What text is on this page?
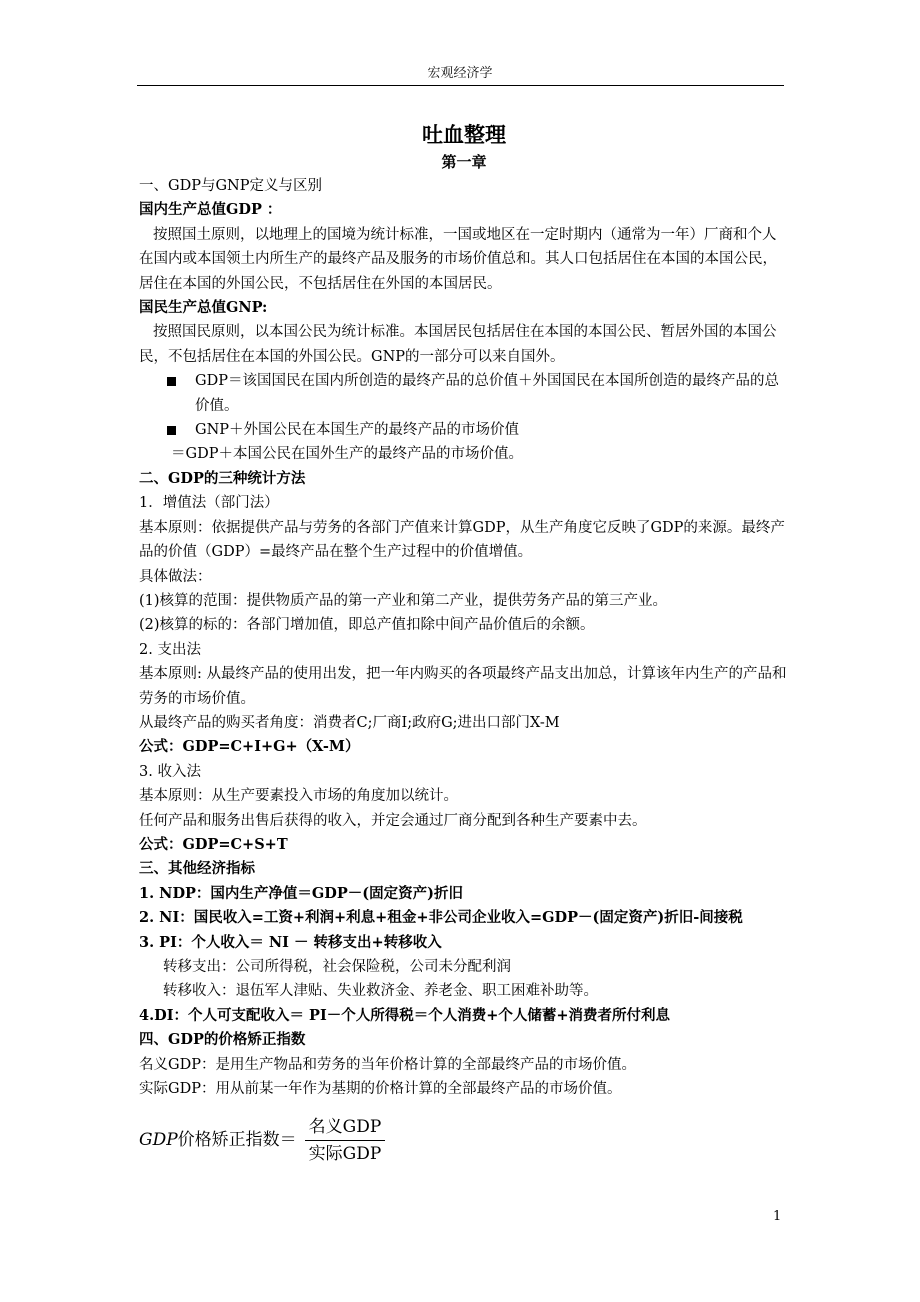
宏观经济学

吐血整理

第一章

一、GDP与GNP定义与区别

国内生产总值GDP ：

按照国土原则，以地理上的国境为统计标准，一国或地区在一定时期内（通常为一年）厂商和个人在国内或本国领土内所生产的最终产品及服务的市场价值总和。其人口包括居住在本国的本国公民，居住在本国的外国公民，不包括居住在外国的本国居民。

国民生产总值GNP:

按照国民原则，以本国公民为统计标准。本国居民包括居住在本国的本国公民、暂居外国的本国公民，不包括居住在本国的外国公民。GNP的一部分可以来自国外。

GDP＝该国国民在国内所创造的最终产品的总价值＋外国国民在本国所创造的最终产品的总价值。

GNP＋外国公民在本国生产的最终产品的市场价值

＝GDP＋本国公民在国外生产的最终产品的市场价值。

二、GDP的三种统计方法

1．增值法（部门法）

基本原则：依据提供产品与劳务的各部门产值来计算GDP，从生产角度它反映了GDP的来源。最终产品的价值（GDP）=最终产品在整个生产过程中的价值增值。

具体做法：

(1)核算的范围：提供物质产品的第一产业和第二产业，提供劳务产品的第三产业。

(2)核算的标的：各部门增加值，即总产值扣除中间产品价值后的余额。

2. 支出法

基本原则: 从最终产品的使用出发，把一年内购买的各项最终产品支出加总，计算该年内生产的产品和劳务的市场价值。

从最终产品的购买者角度：消费者C;厂商I;政府G;进出口部门X-M

公式：GDP=C+I+G+（X-M）

3. 收入法

基本原则：从生产要素投入市场的角度加以统计。

任何产品和服务出售后获得的收入，并定会通过厂商分配到各种生产要素中去。

公式：GDP=C+S+T

三、其他经济指标

1. NDP：国内生产净值＝GDP－(固定资产)折旧

2. NI：国民收入=工资+利润+利息+租金+非公司企业收入=GDP－(固定资产)折旧-间接税

3. PI：个人收入＝ NI － 转移支出+转移收入

转移支出：公司所得税，社会保险税，公司未分配利润

转移收入：退伍军人津贴、失业救济金、养老金、职工困难补助等。

4.DI：个人可支配收入＝ PI－个人所得税＝个人消费+个人储蓄+消费者所付利息

四、GDP的价格矫正指数

名义GDP：是用生产物品和劳务的当年价格计算的全部最终产品的市场价值。

实际GDP：用从前某一年作为基期的价格计算的全部最终产品的市场价值。

GDP价格矫正指数＝ $\frac{\text{名义GDP}}{\text{实际GDP}}$
1
